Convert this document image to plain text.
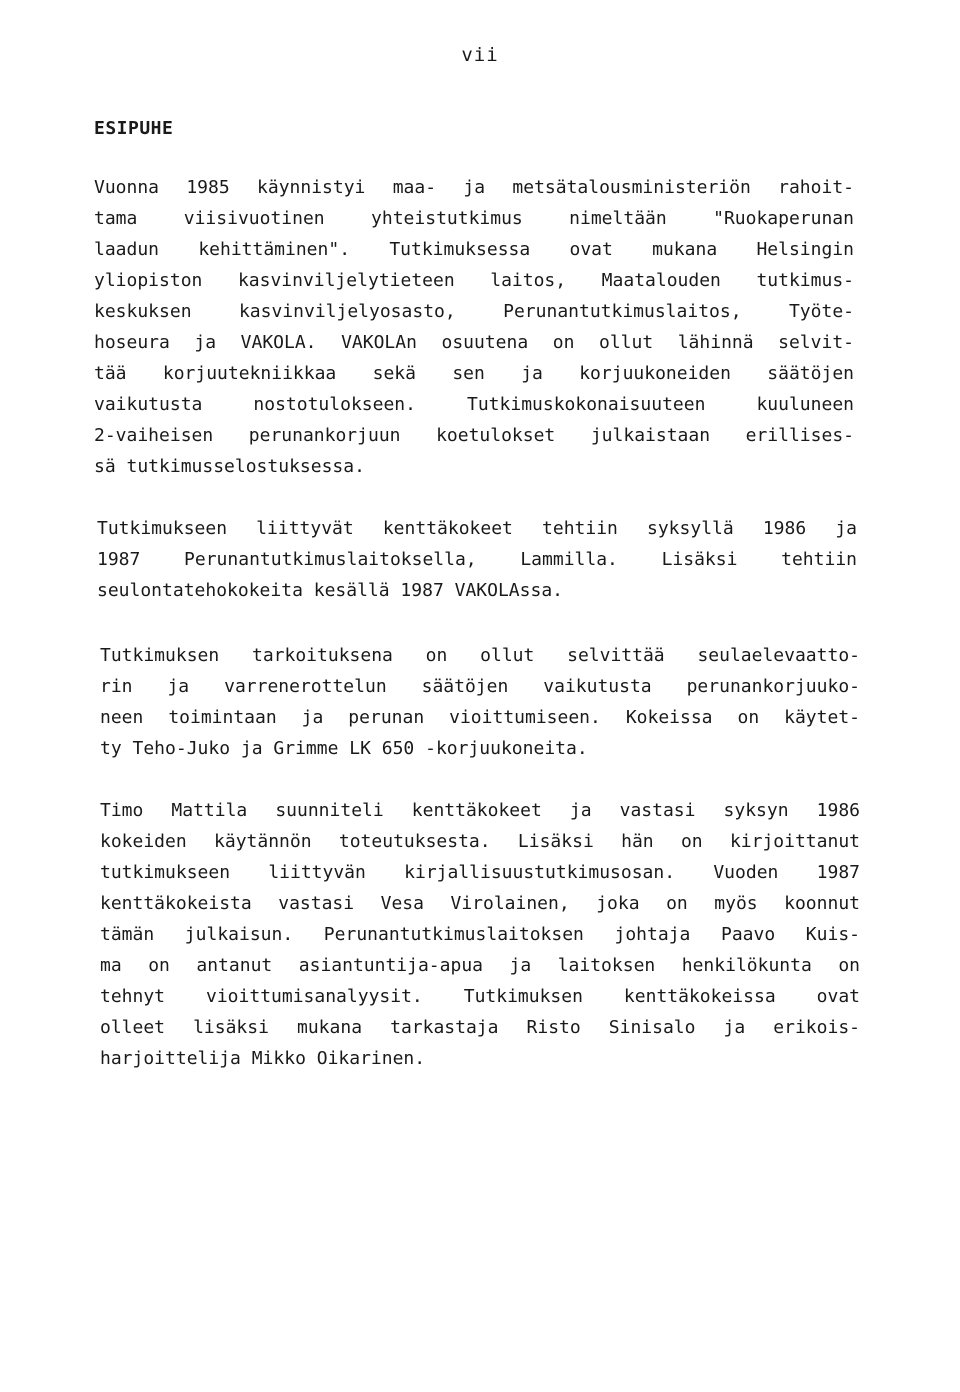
vii
ESIPUHE
Vuonna 1985 käynnistyi maa- ja metsätalousministeriön rahoit-
tama viisivuotinen yhteistutkimus nimeltään "Ruokaperunan
laadun kehittäminen". Tutkimuksessa ovat mukana Helsingin
yliopiston kasvinviljelytieteen laitos, Maatalouden tutkimus-
keskuksen kasvinviljelyosasto, Perunantutkimuslaitos, Työte-
hoseura ja VAKOLA. VAKOLAn osuutena on ollut lähinnä selvit-
tää korjuutekniikkaa sekä sen ja korjuukoneiden säätöjen
vaikutusta nostotulokseen. Tutkimuskokonaisuuteen kuuluneen
2-vaiheisen perunankorjuun koetulokset julkaistaan erillises-
sä tutkimusselostuksessa.
Tutkimukseen liittyvät kenttäkokeet tehtiin syksyllä 1986 ja
1987 Perunantutkimuslaitoksella, Lammilla. Lisäksi tehtiin
seulontatehokokeita kesällä 1987 VAKOLAssa.
Tutkimuksen tarkoituksena on ollut selvittää seulaelevaatto-
rin ja varrenerottelun säätöjen vaikutusta perunankorjuuko-
neen toimintaan ja perunan vioittumiseen. Kokeissa on käytet-
ty Teho-Juko ja Grimme LK 650 -korjuukoneita.
Timo Mattila suunniteli kenttäkokeet ja vastasi syksyn 1986
kokeiden käytännön toteutuksesta. Lisäksi hän on kirjoittanut
tutkimukseen liittyvän kirjallisuustutkimusosan. Vuoden 1987
kenttäkokeista vastasi Vesa Virolainen, joka on myös koonnut
tämän julkaisun. Perunantutkimuslaitoksen johtaja Paavo Kuis-
ma on antanut asiantuntija-apua ja laitoksen henkilökunta on
tehnyt vioittumisanalyysit. Tutkimuksen kenttäkokeissa ovat
olleet lisäksi mukana tarkastaja Risto Sinisalo ja erikois-
harjoittelija Mikko Oikarinen.
